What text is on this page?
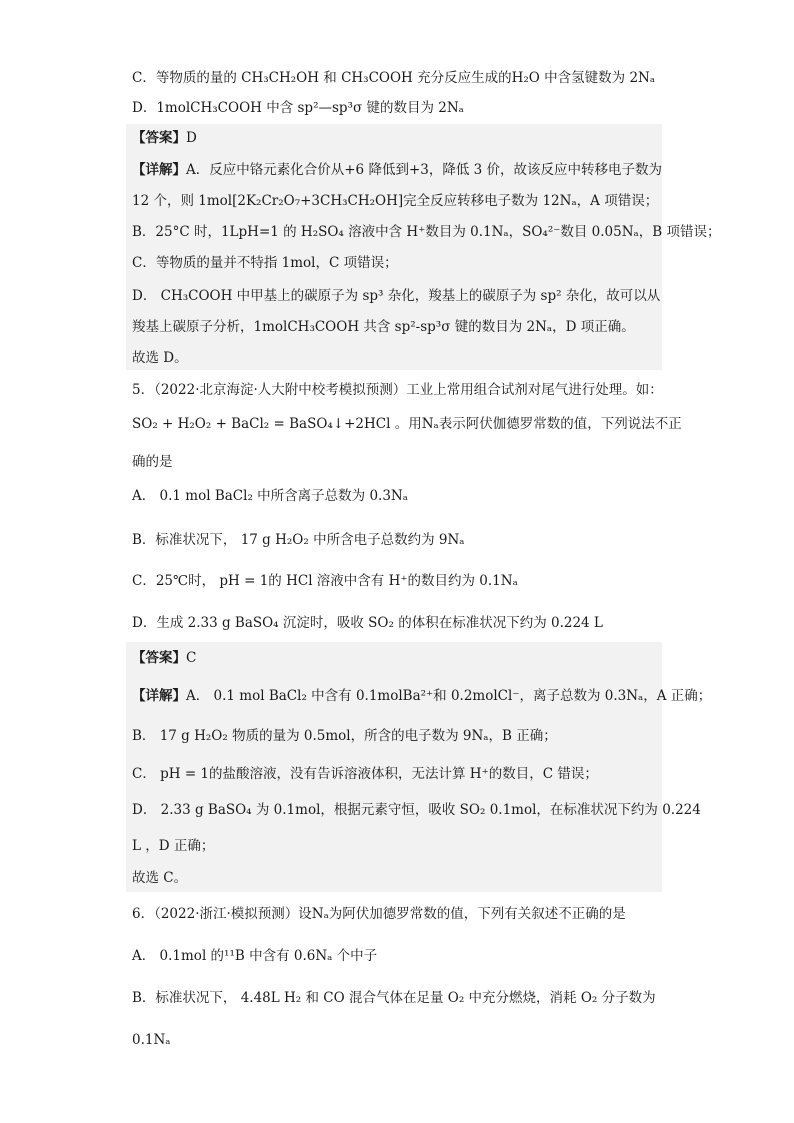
C．等物质的量的 CH₃CH₂OH 和 CH₃COOH 充分反应生成的H₂O 中含氢键数为 2Nₐ
D．1molCH₃COOH 中含 sp²—sp³σ 键的数目为 2Nₐ
【答案】D
【详解】A．反应中铬元素化合价从+6 降低到+3，降低 3 价，故该反应中转移电子数为
12 个，则 1mol[2K₂Cr₂O₇+3CH₃CH₂OH]完全反应转移电子数为 12Nₐ，A 项错误；
B．25°C 时，1LpH=1 的 H₂SO₄ 溶液中含 H⁺数目为 0.1Nₐ，SO₄²⁻数目 0.05Nₐ，B 项错误；
C．等物质的量并不特指 1mol，C 项错误；
D． CH₃COOH 中甲基上的碳原子为 sp³ 杂化，羧基上的碳原子为 sp² 杂化，故可以从
羧基上碳原子分析，1molCH₃COOH 共含 sp²-sp³σ 键的数目为 2Nₐ，D 项正确。
故选 D。
5．（2022·北京海淀·人大附中校考模拟预测）工业上常用组合试剂对尾气进行处理。如：
SO₂ + H₂O₂ + BaCl₂ = BaSO₄↓+2HCl 。用Nₐ表示阿伏伽德罗常数的值，下列说法不正
确的是
A． 0.1 mol BaCl₂ 中所含离子总数为 0.3Nₐ
B．标准状况下， 17 g H₂O₂ 中所含电子总数约为 9Nₐ
C．25℃时， pH = 1的 HCl 溶液中含有 H⁺的数目约为 0.1Nₐ
D．生成 2.33 g BaSO₄ 沉淀时，吸收 SO₂ 的体积在标准状况下约为 0.224 L
【答案】C
【详解】A． 0.1 mol BaCl₂ 中含有 0.1molBa²⁺和 0.2molCl⁻，离子总数为 0.3Nₐ，A 正确；
B． 17 g H₂O₂ 物质的量为 0.5mol，所含的电子数为 9Nₐ，B 正确；
C． pH = 1的盐酸溶液，没有告诉溶液体积，无法计算 H⁺的数目，C 错误；
D． 2.33 g BaSO₄ 为 0.1mol，根据元素守恒，吸收 SO₂ 0.1mol，在标准状况下约为 0.224
L ，D 正确；
故选 C。
6．（2022·浙江·模拟预测）设Nₐ为阿伏加德罗常数的值，下列有关叙述不正确的是
A． 0.1mol 的¹¹B 中含有 0.6Nₐ 个中子
B．标准状况下， 4.48L H₂ 和 CO 混合气体在足量 O₂ 中充分燃烧，消耗 O₂ 分子数为
0.1Nₐ
